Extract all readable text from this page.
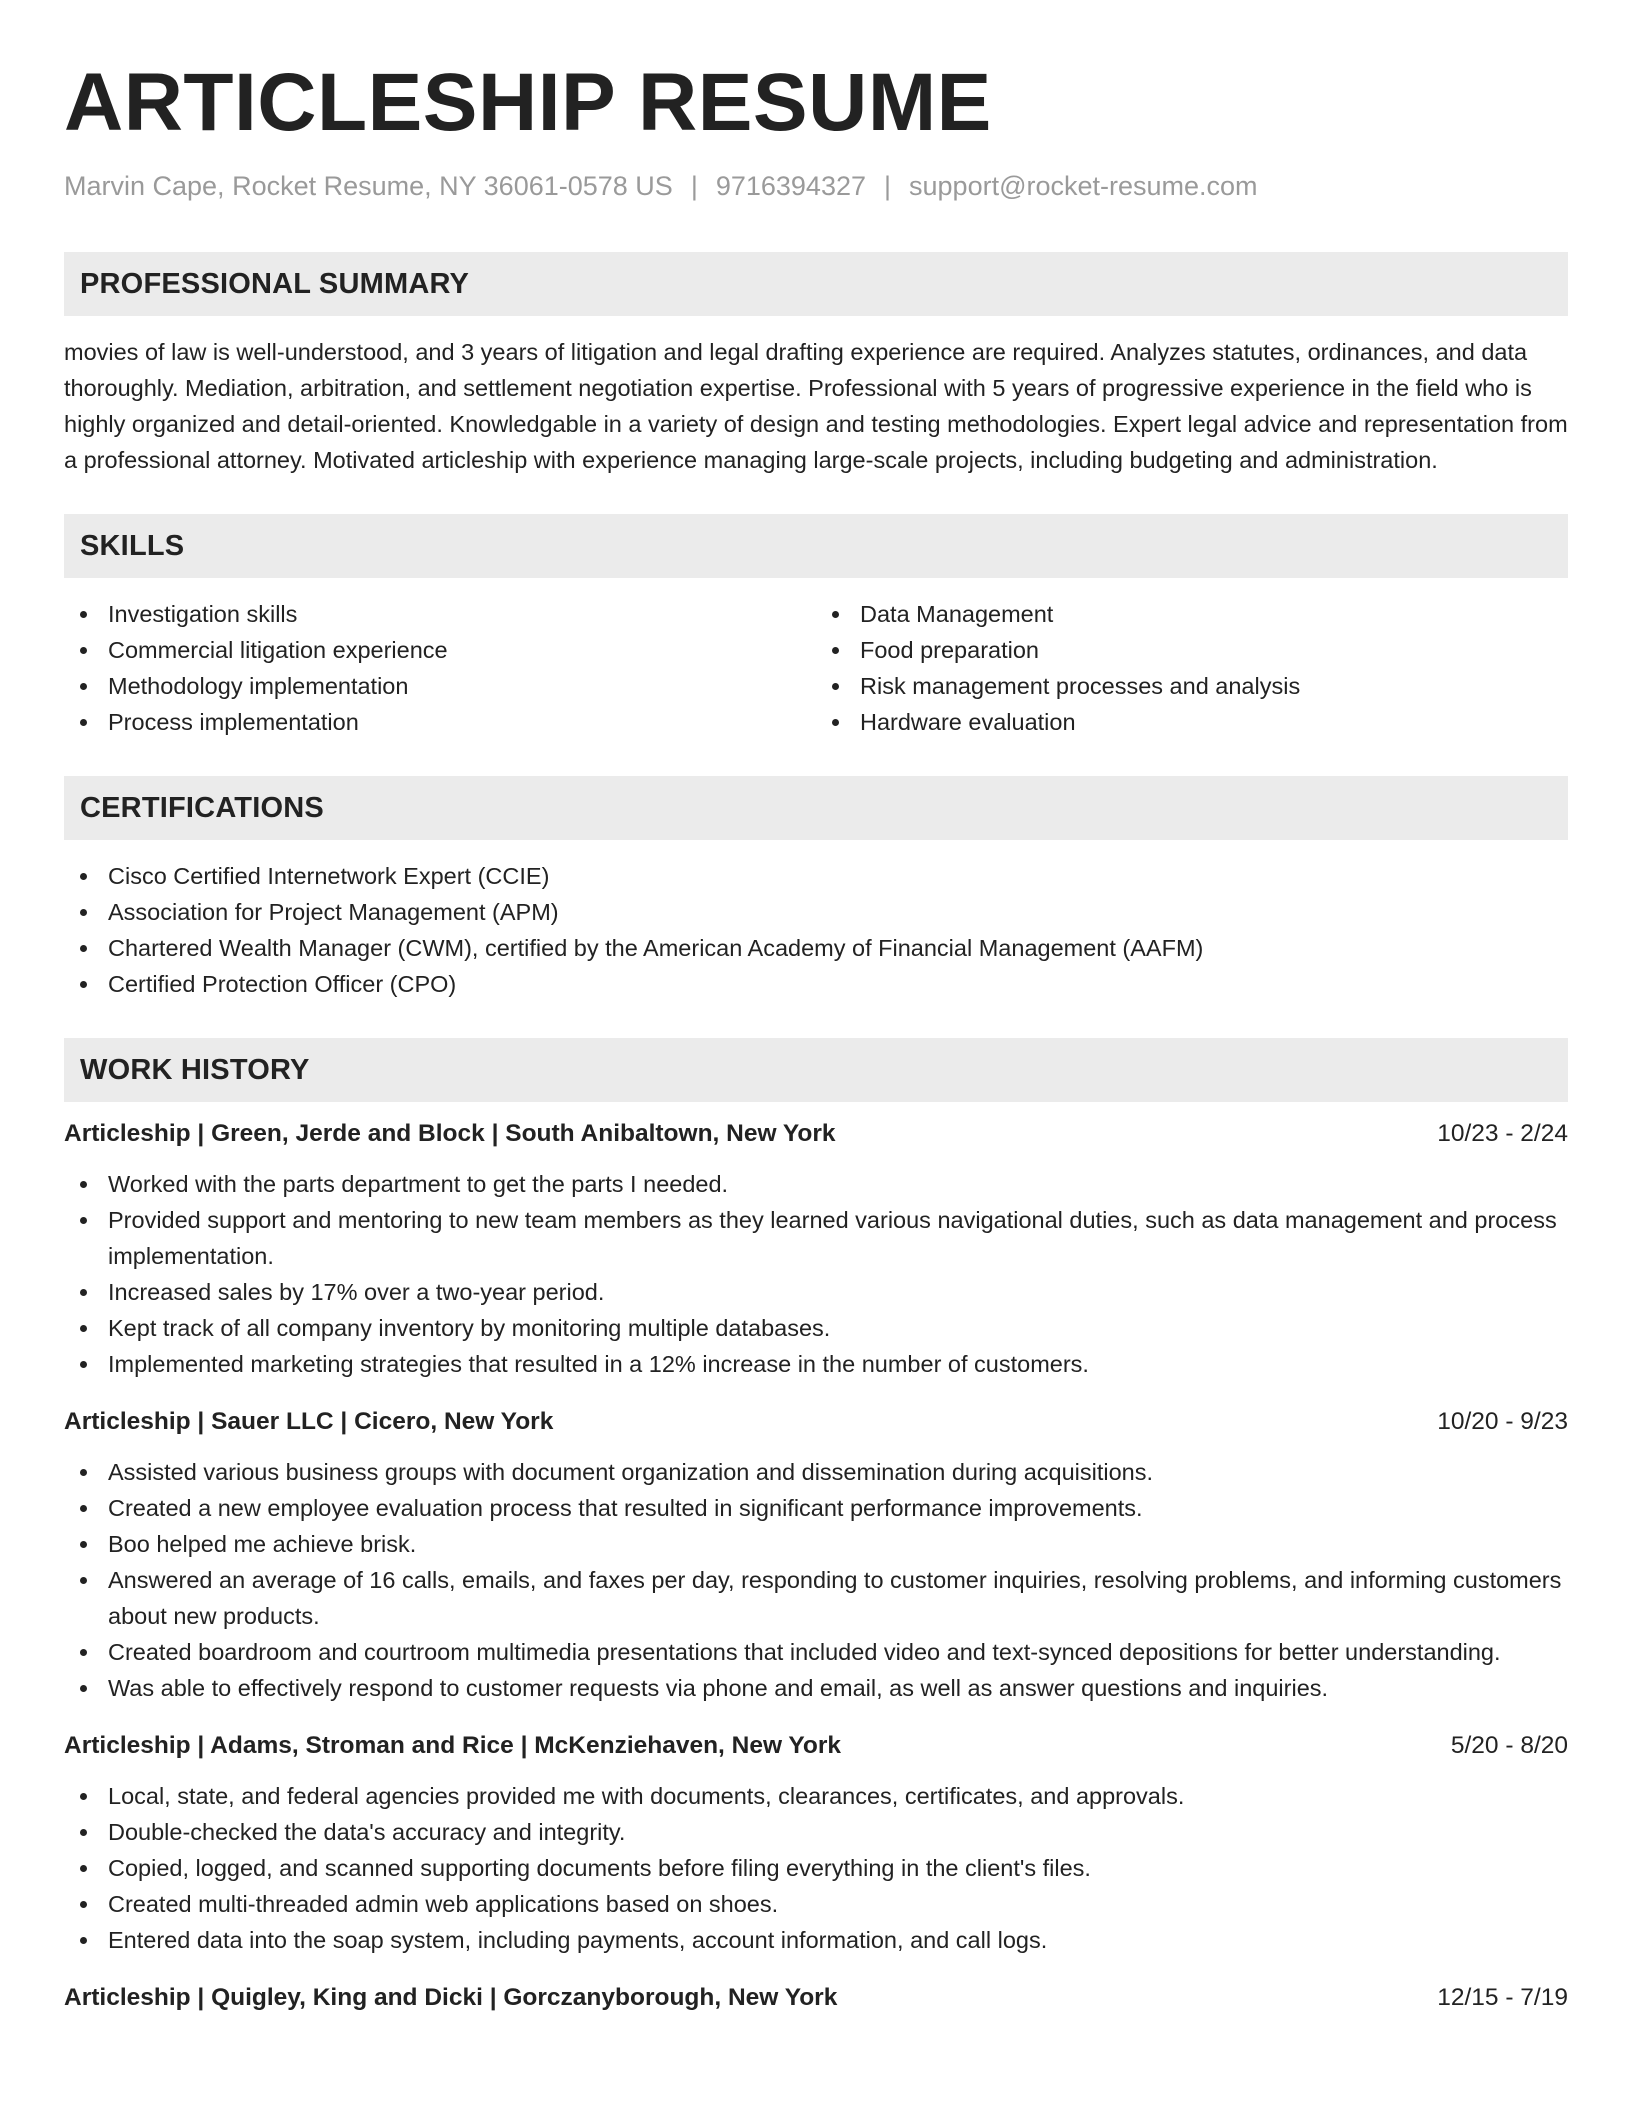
ARTICLESHIP RESUME
Marvin Cape, Rocket Resume, NY 36061-0578 US | 9716394327 | support@rocket-resume.com
PROFESSIONAL SUMMARY

movies of law is well-understood, and 3 years of litigation and legal drafting experience are required. Analyzes statutes, ordinances, and data thoroughly. Mediation, arbitration, and settlement negotiation expertise. Professional with 5 years of progressive experience in the field who is highly organized and detail-oriented. Knowledgable in a variety of design and testing methodologies. Expert legal advice and representation from a professional attorney. Motivated articleship with experience managing large-scale projects, including budgeting and administration.

SKILLS
Investigation skills
Commercial litigation experience
Methodology implementation
Process implementation
Data Management
Food preparation
Risk management processes and analysis
Hardware evaluation
CERTIFICATIONS
Cisco Certified Internetwork Expert (CCIE)
Association for Project Management (APM)
Chartered Wealth Manager (CWM), certified by the American Academy of Financial Management (AAFM)
Certified Protection Officer (CPO)
WORK HISTORY
Articleship | Green, Jerde and Block | South Anibaltown, New York	10/23 - 2/24
Worked with the parts department to get the parts I needed.
Provided support and mentoring to new team members as they learned various navigational duties, such as data management and process implementation.
Increased sales by 17% over a two-year period.
Kept track of all company inventory by monitoring multiple databases.
Implemented marketing strategies that resulted in a 12% increase in the number of customers.
Articleship | Sauer LLC | Cicero, New York	10/20 - 9/23
Assisted various business groups with document organization and dissemination during acquisitions.
Created a new employee evaluation process that resulted in significant performance improvements.
Boo helped me achieve brisk.
Answered an average of 16 calls, emails, and faxes per day, responding to customer inquiries, resolving problems, and informing customers about new products.
Created boardroom and courtroom multimedia presentations that included video and text-synced depositions for better understanding.
Was able to effectively respond to customer requests via phone and email, as well as answer questions and inquiries.
Articleship | Adams, Stroman and Rice | McKenziehaven, New York	5/20 - 8/20
Local, state, and federal agencies provided me with documents, clearances, certificates, and approvals.
Double-checked the data's accuracy and integrity.
Copied, logged, and scanned supporting documents before filing everything in the client's files.
Created multi-threaded admin web applications based on shoes.
Entered data into the soap system, including payments, account information, and call logs.
Articleship | Quigley, King and Dicki | Gorczanyborough, New York	12/15 - 7/19
